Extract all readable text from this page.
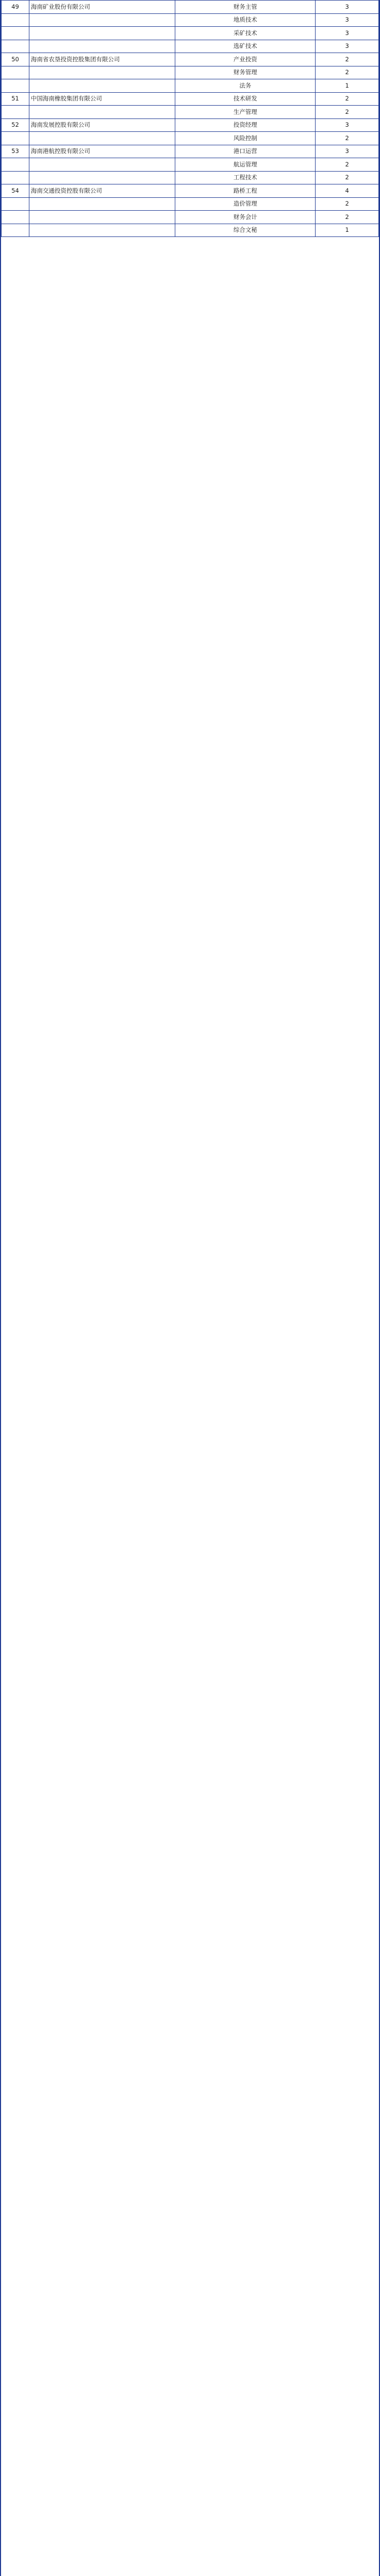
49	海南矿业股份有限公司	财务主管	3
		地质技术	3
		采矿技术	3
		选矿技术	3
50	海南省农垦投资控股集团有限公司	产业投资	2
		财务管理	2
		法务	1
51	中国海南橡胶集团有限公司	技术研发	2
		生产管理	2
52	海南发展控股有限公司	投资经理	3
		风险控制	2
53	海南港航控股有限公司	港口运营	3
		航运管理	2
		工程技术	2
54	海南交通投资控股有限公司	路桥工程	4
		造价管理	2
		财务会计	2
		综合文秘	1
